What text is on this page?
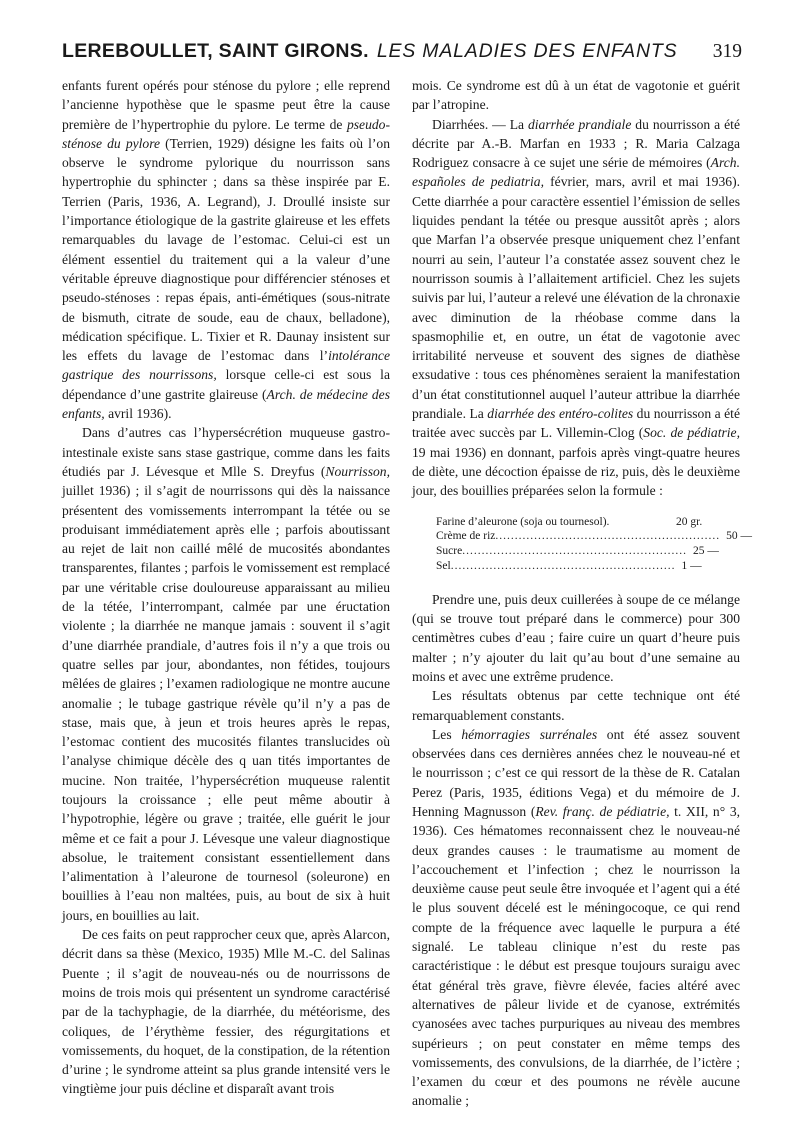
LEREBOULLET, SAINT GIRONS. LES MALADIES DES ENFANTS 319

enfants furent opérés pour sténose du pylore ; elle reprend l’ancienne hypothèse que le spasme peut être la cause première de l’hypertrophie du pylore. Le terme de pseudo-sténose du pylore (Terrien, 1929) désigne les faits où l’on observe le syndrome pylorique du nourrisson sans hypertrophie du sphincter ; dans sa thèse inspirée par E. Terrien (Paris, 1936, A. Legrand), J. Droullé insiste sur l’importance étiologique de la gastrite glaireuse et les effets remarquables du lavage de l’estomac. Celui-ci est un élément essentiel du traitement qui a la valeur d’une véritable épreuve diagnostique pour différencier sténoses et pseudo-sténoses : repas épais, anti-émétiques (sous-nitrate de bismuth, citrate de soude, eau de chaux, belladone), médication spécifique. L. Tixier et R. Daunay insistent sur les effets du lavage de l’estomac dans l’intolérance gastrique des nourrissons, lorsque celle-ci est sous la dépendance d’une gastrite glaireuse (Arch. de médecine des enfants, avril 1936).

Dans d’autres cas l’hypersécrétion muqueuse gastro-intestinale existe sans stase gastrique, comme dans les faits étudiés par J. Lévesque et Mlle S. Dreyfus (Nourrisson, juillet 1936) ; il s’agit de nourrissons qui dès la naissance présentent des vomissements interrompant la tétée ou se produisant immédiatement après elle ; parfois aboutissant au rejet de lait non caillé mêlé de mucosités abondantes transparentes, filantes ; parfois le vomissement est remplacé par une véritable crise douloureuse apparaissant au milieu de la tétée, l’interrompant, calmée par une éructation violente ; la diarrhée ne manque jamais : souvent il s’agit d’une diarrhée prandiale, d’autres fois il n’y a que trois ou quatre selles par jour, abondantes, non fétides, toujours mêlées de glaires ; l’examen radiologique ne montre aucune anomalie ; le tubage gastrique révèle qu’il n’y a pas de stase, mais que, à jeun et trois heures après le repas, l’estomac contient des mucosités filantes translucides où l’analyse chimique décèle des q uan tités importantes de mucine. Non traitée, l’hypersécrétion muqueuse ralentit toujours la croissance ; elle peut même aboutir à l’hypotrophie, légère ou grave ; traitée, elle guérit le jour même et ce fait a pour J. Lévesque une valeur diagnostique absolue, le traitement consistant essentiellement dans l’alimentation à l’aleurone de tournesol (soleurone) en bouillies à l’eau non maltées, puis, au bout de six à huit jours, en bouillies au lait.

De ces faits on peut rapprocher ceux que, après Alarcon, décrit dans sa thèse (Mexico, 1935) Mlle M.-C. del Salinas Puente ; il s’agit de nouveau-nés ou de nourrissons de moins de trois mois qui présentent un syndrome caractérisé par de la tachyphagie, de la diarrhée, du météorisme, des coliques, de l’érythème fessier, des régurgitations et vomissements, du hoquet, de la constipation, de la rétention d’urine ; le syndrome atteint sa plus grande intensité vers le vingtième jour puis décline et disparaît avant trois

mois. Ce syndrome est dû à un état de vagotonie et guérit par l’atropine.

Diarrhées. — La diarrhée prandiale du nourrisson a été décrite par A.-B. Marfan en 1933 ; R. Maria Calzaga Rodriguez consacre à ce sujet une série de mémoires (Arch. españoles de pediatria, février, mars, avril et mai 1936). Cette diarrhée a pour caractère essentiel l’émission de selles liquides pendant la tétée ou presque aussitôt après ; alors que Marfan l’a observée presque uniquement chez l’enfant nourri au sein, l’auteur l’a constatée assez souvent chez le nourrisson soumis à l’allaitement artificiel. Chez les sujets suivis par lui, l’auteur a relevé une élévation de la chronaxie avec diminution de la rhéobase comme dans la spasmophilie et, en outre, un état de vagotonie avec irritabilité nerveuse et souvent des signes de diathèse exsudative : tous ces phénomènes seraient la manifestation d’un état constitutionnel auquel l’auteur attribue la diarrhée prandiale. La diarrhée des entéro-colites du nourrisson a été traitée avec succès par L. Villemin-Clog (Soc. de pédiatrie, 19 mai 1936) en donnant, parfois après vingt-quatre heures de diète, une décoction épaisse de riz, puis, dès le deuxième jour, des bouillies préparées selon la formule :

Farine d’aleurone (soja ou tournesol).	20 gr.
Crème de riz .......................................................... 50 —
Sucre .......................................................... 25 —
Sel .......................................................... 1 —

Prendre une, puis deux cuillerées à soupe de ce mélange (qui se trouve tout préparé dans le commerce) pour 300 centimètres cubes d’eau ; faire cuire un quart d’heure puis malter ; n’y ajouter du lait qu’au bout d’une semaine au moins et avec une extrême prudence.

Les résultats obtenus par cette technique ont été remarquablement constants.

Les hémorragies surrénales ont été assez souvent observées dans ces dernières années chez le nouveau-né et le nourrisson ; c’est ce qui ressort de la thèse de R. Catalan Perez (Paris, 1935, éditions Vega) et du mémoire de J. Henning Magnusson (Rev. franç. de pédiatrie, t. XII, n° 3, 1936). Ces hématomes reconnaissent chez le nouveau-né deux grandes causes : le traumatisme au moment de l’accouchement et l’infection ; chez le nourrisson la deuxième cause peut seule être invoquée et l’agent qui a été le plus souvent décelé est le méningocoque, ce qui rend compte de la fréquence avec laquelle le purpura a été signalé. Le tableau clinique n’est du reste pas caractéristique : le début est presque toujours suraigu avec état général très grave, fièvre élevée, facies altéré avec alternatives de pâleur livide et de cyanose, extrémités cyanosées avec taches purpuriques au niveau des membres supérieurs ; on peut constater en même temps des vomissements, des convulsions, de la diarrhée, de l’ictère ; l’examen du cœur et des poumons ne révèle aucune anomalie ;
